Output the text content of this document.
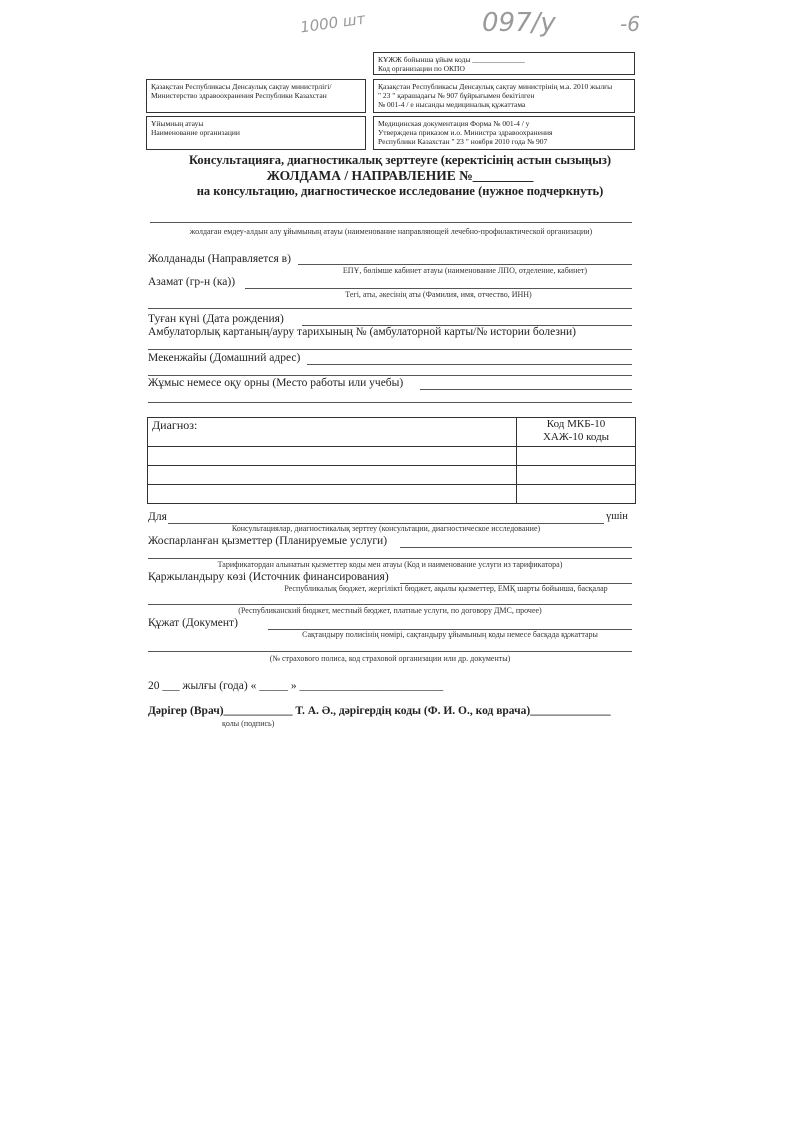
1000 шт	097/у	-6
КҰЖЖ бойынша ұйым коды ______________
Код организации по ОКПО
Қазақстан Республикасы Денсаулық сақтау министрлігі/ Министерство здравоохранения Республики Казахстан
Қазақстан Республикасы Денсаулық сақтау министрінің м.а. 2010 жылғы
" 23 " қарашадағы № 907 бұйрығымен бекітілген
№ 001-4 / е нысанды медициналық құжаттама
Ұйымның атауы
Наименование организации
Медицинская документация Форма № 001-4 / у
Утверждена приказом и.о. Министра здравоохранения
Республики Казахстан " 23 " ноября 2010 года № 907
Консультацияға, диагностикалық зерттеуге (керектісінің астын сызыңыз)
ЖОЛДАМА / НАПРАВЛЕНИЕ №_________
на консультацию, диагностическое исследование (нужное подчеркнуть)
жолдаған емдеу-алдын алу ұйымының атауы (наименование направляющей лечебно-профилактической организации)
Жолданады (Направляется в)
ЕПҰ, бөлімше кабинет атауы (наименование ЛПО, отделение, кабинет)
Азамат (гр-н (ка))
Тегі, аты, әкесінің аты (Фамилия, имя, отчество, ИНН)
Туған күні (Дата рождения)
Амбулаторлық картаның/ауру тарихының № (амбулаторной карты/№ истории болезни)
Мекенжайы (Домашний адрес)
Жұмыс немесе оқу орны (Место работы или учебы)
Диагноз:	Код МКБ-10
ХАЖ-10 коды

Для	үшін
Консультациялар, диагностикалық зерттеу (консультации, диагностическое исследование)
Жоспарланған қызметтер (Планируемые услуги)
Тарификатордан алынатын қызметтер коды мен атауы (Код и наименование услуги из тарификатора)
Қаржыландыру көзі (Источник финансирования)
Республикалық бюджет, жергілікті бюджет, ақылы қызметтер, ЕМҚ шарты бойынша, басқалар
(Республиканский бюджет, местный бюджет, платные услуги, по договору ДМС, прочее)
Құжат (Документ)
Сақтандыру полисінің нөмірі, сақтандыру ұйымының коды немесе басқада құжаттары
(№ страхового полиса, код страховой организации или др. документы)
20 ___ жылғы (года) « _____ » _________________________
Дәрігер (Врач)____________ Т. А. Ә., дәрігердің коды (Ф. И. О., код врача)______________
қолы (подпись)
